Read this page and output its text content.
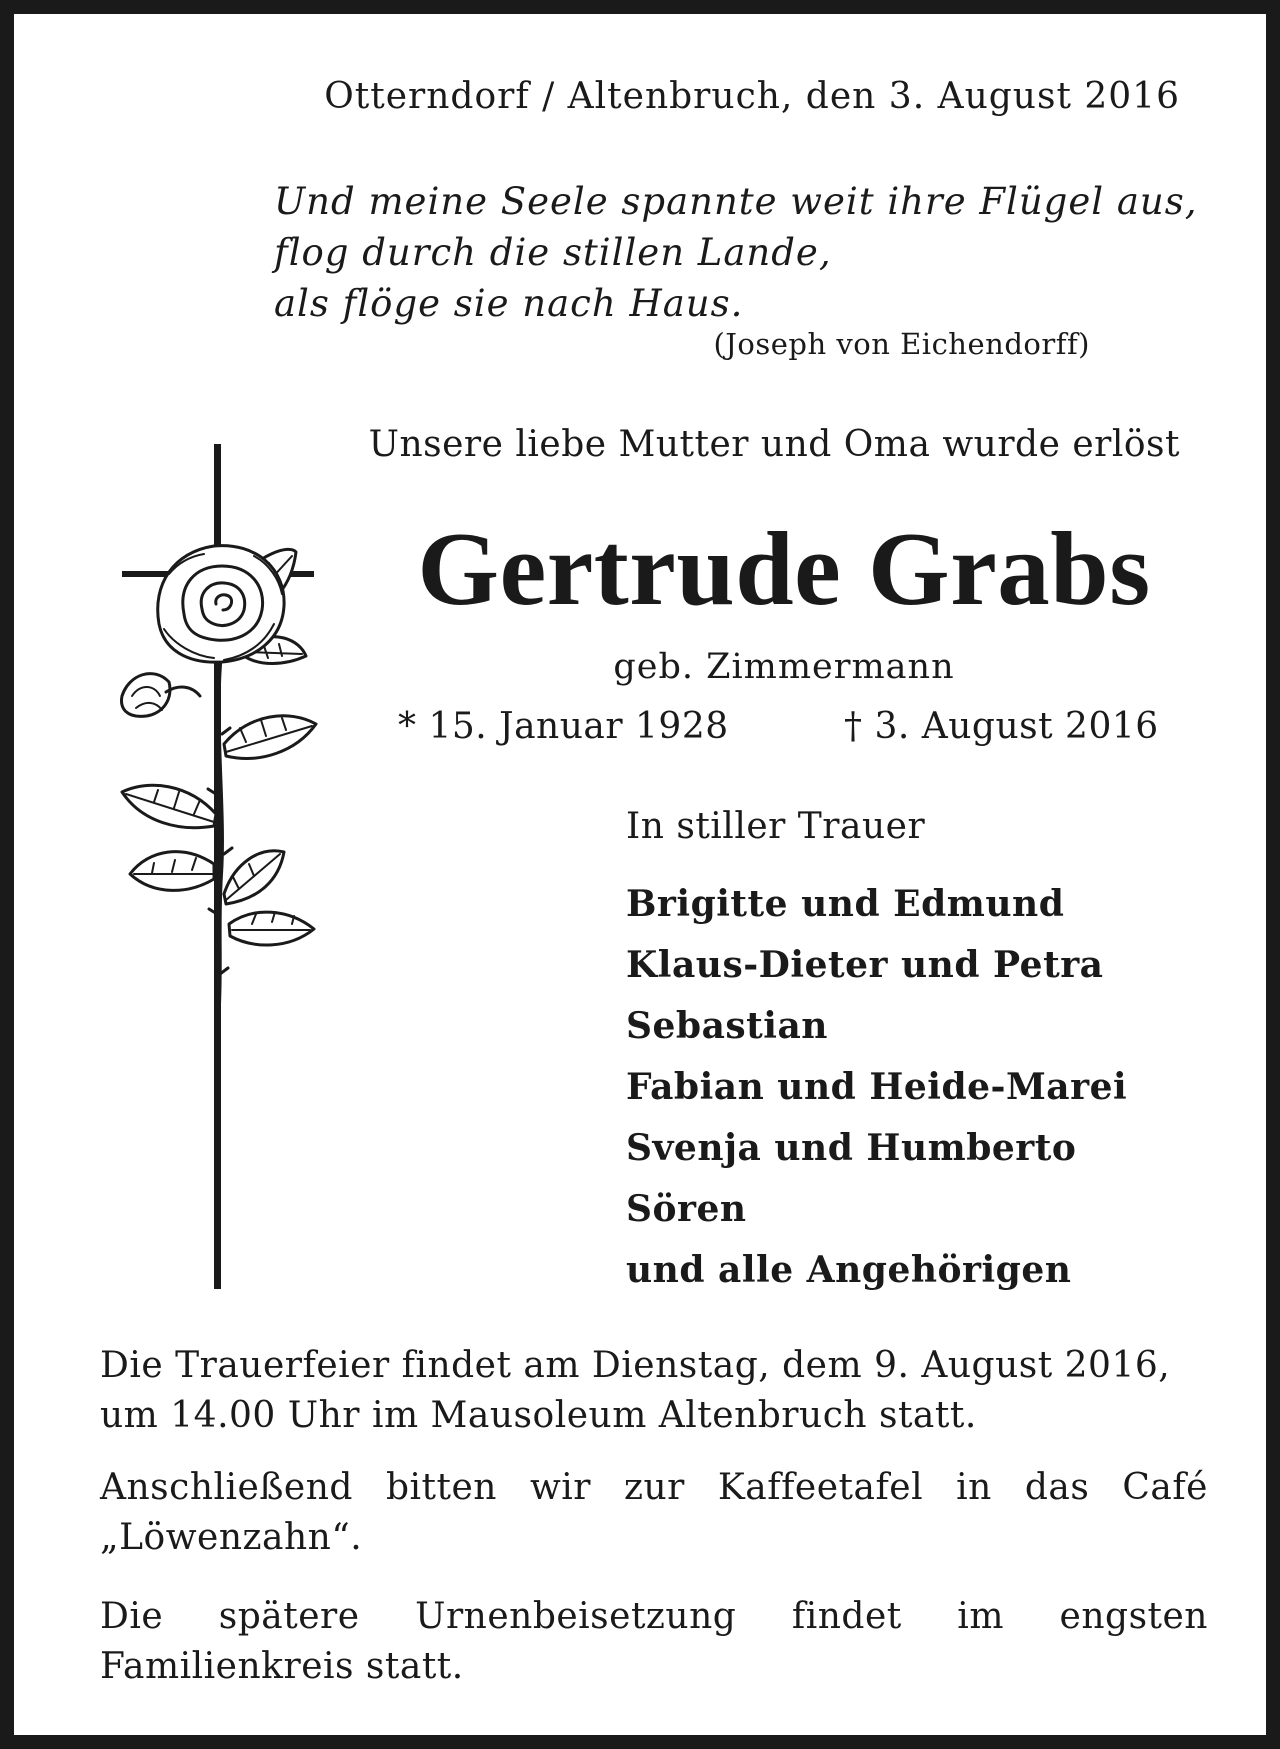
Otterndorf / Altenbruch, den 3. August 2016

Und meine Seele spannte weit ihre Flügel aus,
flog durch die stillen Lande,
als flöge sie nach Haus.

(Joseph von Eichendorff)

Unsere liebe Mutter und Oma wurde erlöst

Gertrude Grabs

geb. Zimmermann

* 15. Januar 1928	† 3. August 2016

In stiller Trauer

Brigitte und Edmund
Klaus-Dieter und Petra
Sebastian
Fabian und Heide-Marei
Svenja und Humberto
Sören
und alle Angehörigen

Die Trauerfeier findet am Dienstag, dem 9. August 2016, um 14.00 Uhr im Mausoleum Altenbruch statt.

Anschließend bitten wir zur Kaffeetafel in das Café „Löwenzahn“.

Die spätere Urnenbeisetzung findet im engsten Familienkreis statt.
